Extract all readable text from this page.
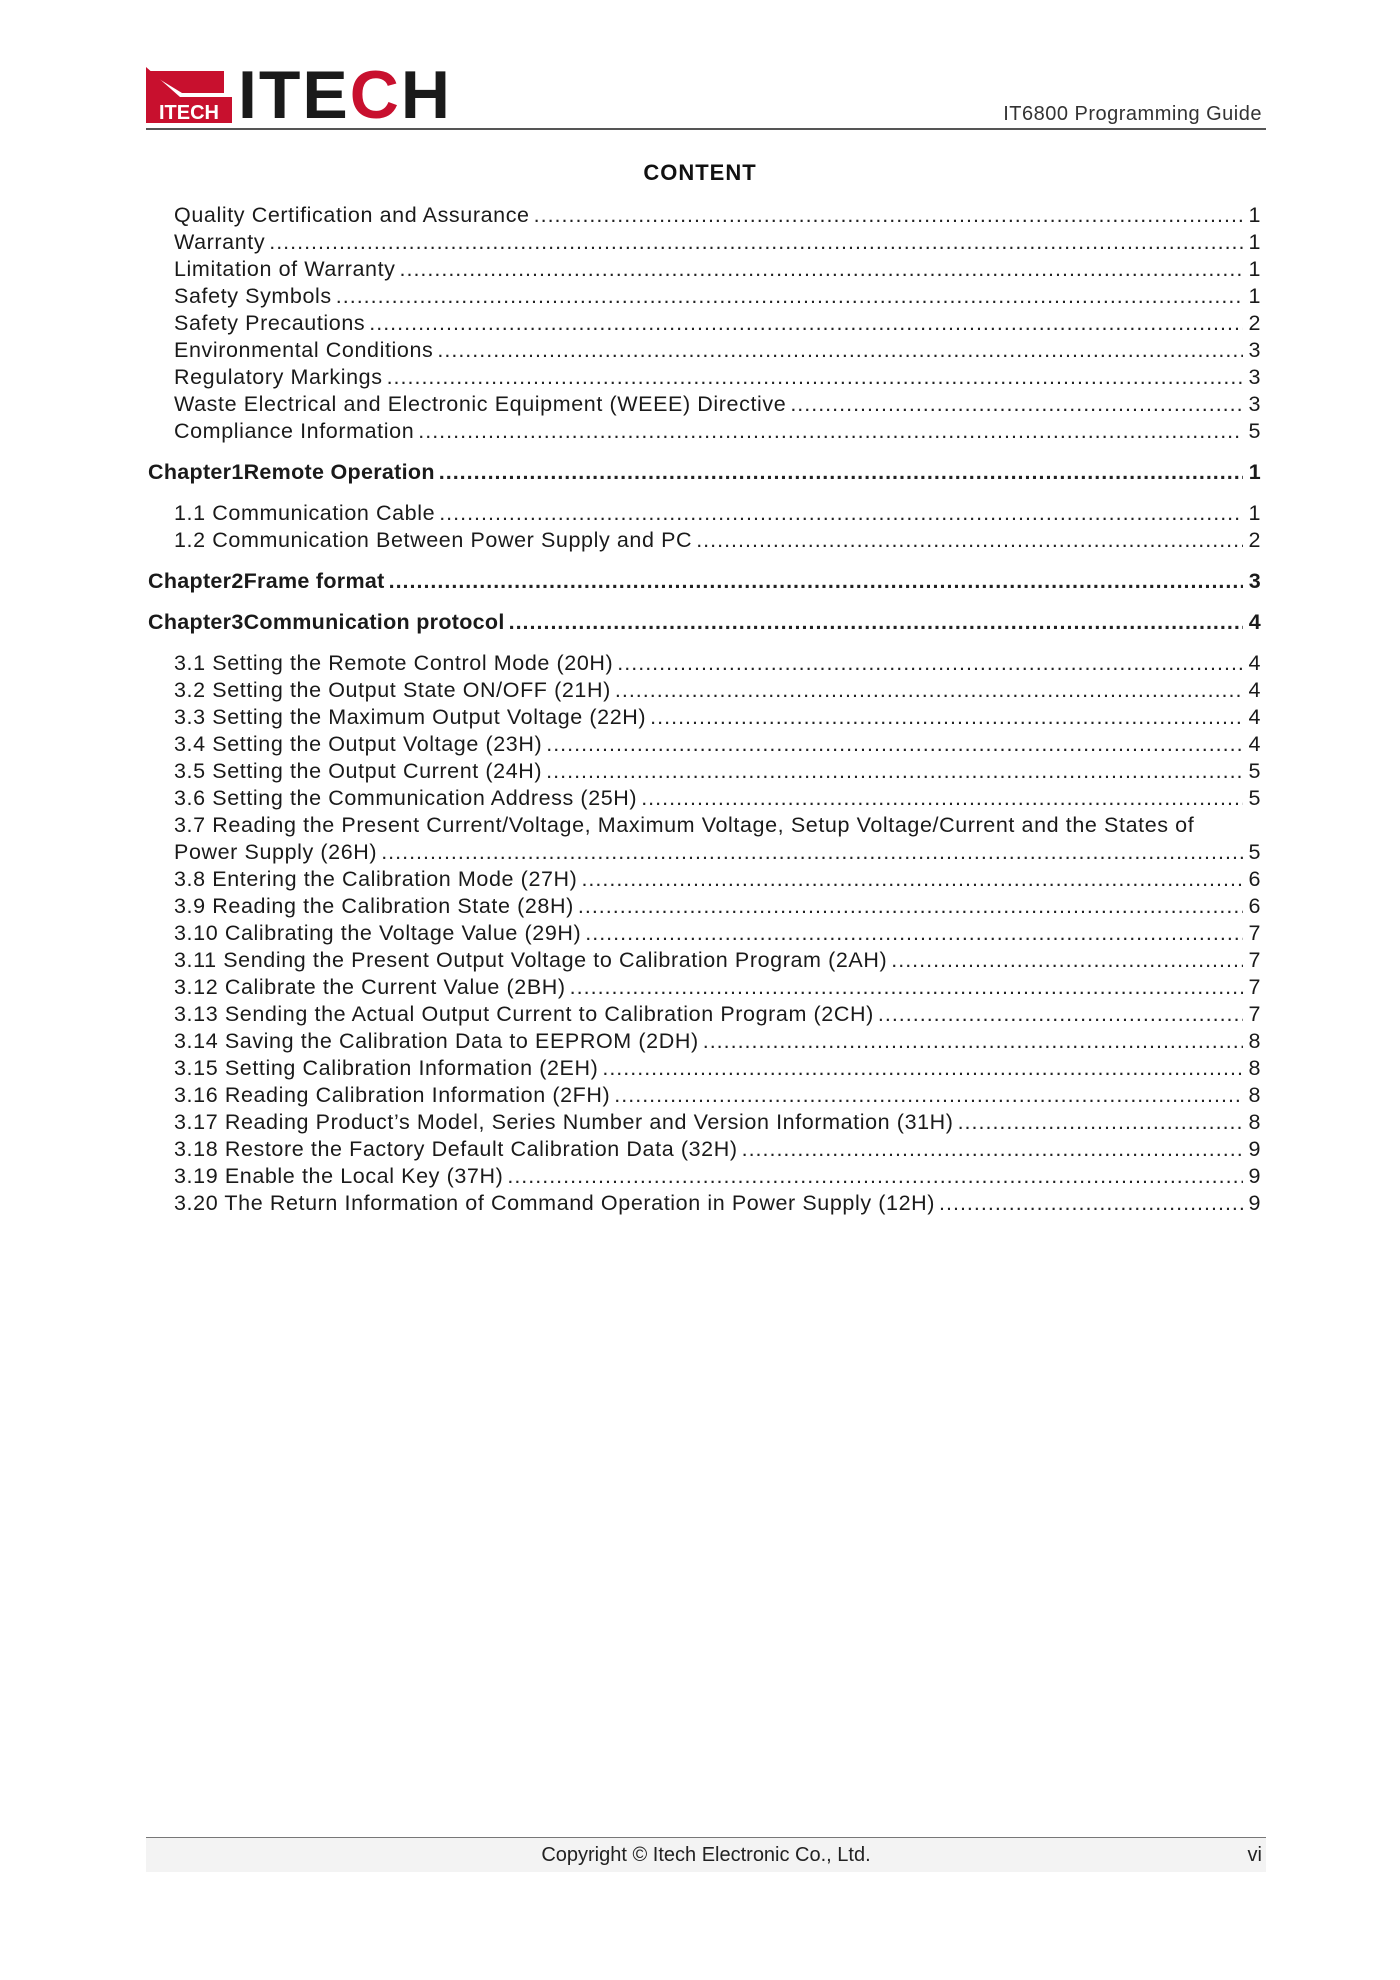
ITECH ITECH	IT6800 Programming Guide
CONTENT
Quality Certification and Assurance .....	1
Warranty .....	1
Limitation of Warranty .....	1
Safety Symbols .....	1
Safety Precautions .....	2
Environmental Conditions .....	3
Regulatory Markings .....	3
Waste Electrical and Electronic Equipment (WEEE) Directive .....	3
Compliance Information .....	5
Chapter1 Remote Operation .....	1
1.1 Communication Cable .....	1
1.2 Communication Between Power Supply and PC .....	2
Chapter2 Frame format .....	3
Chapter3 Communication protocol .....	4
3.1 Setting the Remote Control Mode (20H) .....	4
3.2 Setting the Output State ON/OFF (21H) .....	4
3.3 Setting the Maximum Output Voltage (22H) .....	4
3.4 Setting the Output Voltage (23H) .....	4
3.5 Setting the Output Current (24H) .....	5
3.6 Setting the Communication Address (25H) .....	5
3.7 Reading the Present Current/Voltage, Maximum Voltage, Setup Voltage/Current and the States of
Power Supply (26H) .....	5
3.8 Entering the Calibration Mode (27H) .....	6
3.9 Reading the Calibration State (28H) .....	6
3.10 Calibrating the Voltage Value (29H) .....	7
3.11 Sending the Present Output Voltage to Calibration Program (2AH) .....	7
3.12 Calibrate the Current Value (2BH) .....	7
3.13 Sending the Actual Output Current to Calibration Program (2CH) .....	7
3.14 Saving the Calibration Data to EEPROM (2DH) .....	8
3.15 Setting Calibration Information (2EH) .....	8
3.16 Reading Calibration Information (2FH) .....	8
3.17 Reading Product’s Model, Series Number and Version Information (31H) .....	8
3.18 Restore the Factory Default Calibration Data (32H) .....	9
3.19 Enable the Local Key (37H) .....	9
3.20 The Return Information of Command Operation in Power Supply (12H) .....	9
Copyright © Itech Electronic Co., Ltd.	vi
